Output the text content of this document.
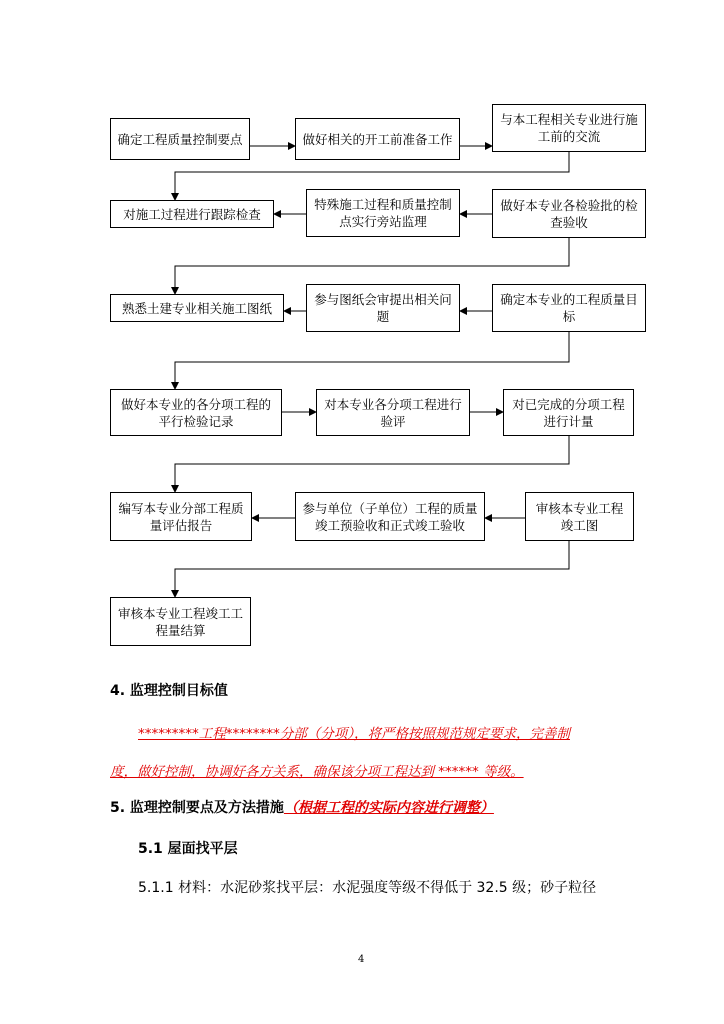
确定工程质量控制要点	做好相关的开工前准备工作
与本工程相关专业进行施工前的交流
对施工过程进行跟踪检查
特殊施工过程和质量控制点实行旁站监理
做好本专业各检验批的检查验收
熟悉土建专业相关施工图纸
参与图纸会审提出相关问题
确定本专业的工程质量目标
做好本专业的各分项工程的平行检验记录
对本专业各分项工程进行验评
对已完成的分项工程进行计量
编写本专业分部工程质量评估报告
参与单位（子单位）工程的质量竣工预验收和正式竣工验收
审核本专业工程竣工图
审核本专业工程竣工工程量结算

4. 监理控制目标值

*********工程********分部（分项），将严格按照规范规定要求，完善制

度，做好控制，协调好各方关系，确保该分项工程达到 ****** 等级。

5. 监理控制要点及方法措施（根据工程的实际内容进行调整）

5.1 屋面找平层

5.1.1 材料：水泥砂浆找平层：水泥强度等级不得低于 32.5 级；砂子粒径

4
